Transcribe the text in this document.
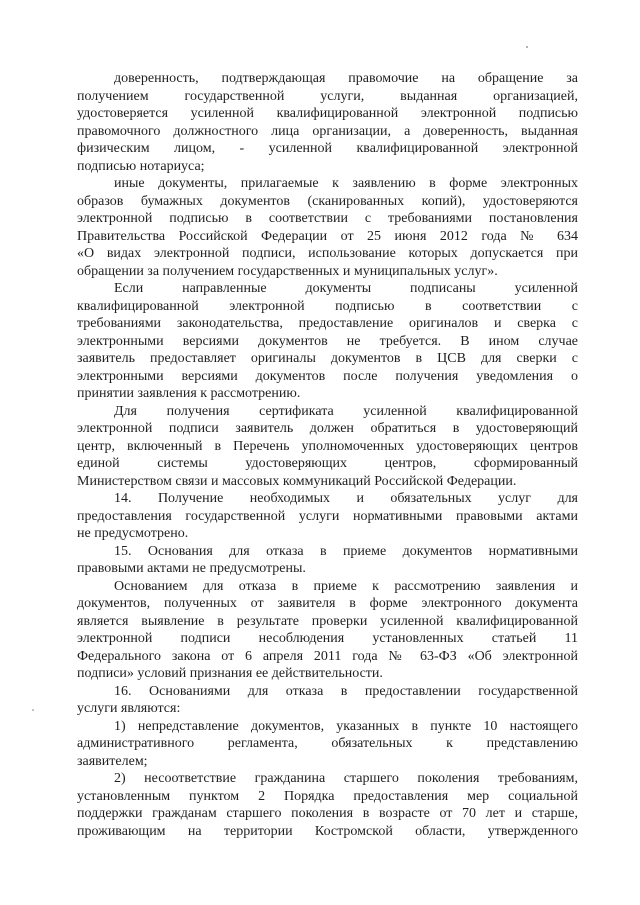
доверенность, подтверждающая правомочие на обращение за
получением государственной услуги, выданная организацией,
удостоверяется усиленной квалифицированной электронной подписью
правомочного должностного лица организации, а доверенность, выданная
физическим лицом, - усиленной квалифицированной электронной
подписью нотариуса;
иные документы, прилагаемые к заявлению в форме электронных
образов бумажных документов (сканированных копий), удостоверяются
электронной подписью в соответствии с требованиями постановления
Правительства Российской Федерации от 25 июня 2012 года № 634
«О видах электронной подписи, использование которых допускается при
обращении за получением государственных и муниципальных услуг».
Если направленные документы подписаны усиленной
квалифицированной электронной подписью в соответствии с
требованиями законодательства, предоставление оригиналов и сверка с
электронными версиями документов не требуется. В ином случае
заявитель предоставляет оригиналы документов в ЦСВ для сверки с
электронными версиями документов после получения уведомления о
принятии заявления к рассмотрению.
Для получения сертификата усиленной квалифицированной
электронной подписи заявитель должен обратиться в удостоверяющий
центр, включенный в Перечень уполномоченных удостоверяющих центров
единой системы удостоверяющих центров, сформированный
Министерством связи и массовых коммуникаций Российской Федерации.
14. Получение необходимых и обязательных услуг для
предоставления государственной услуги нормативными правовыми актами
не предусмотрено.
15. Основания для отказа в приеме документов нормативными
правовыми актами не предусмотрены.
Основанием для отказа в приеме к рассмотрению заявления и
документов, полученных от заявителя в форме электронного документа
является выявление в результате проверки усиленной квалифицированной
электронной подписи несоблюдения установленных статьей 11
Федерального закона от 6 апреля 2011 года № 63-ФЗ «Об электронной
подписи» условий признания ее действительности.
16. Основаниями для отказа в предоставлении государственной
услуги являются:
1) непредставление документов, указанных в пункте 10 настоящего
административного регламента, обязательных к представлению
заявителем;
2) несоответствие гражданина старшего поколения требованиям,
установленным пунктом 2 Порядка предоставления мер социальной
поддержки гражданам старшего поколения в возрасте от 70 лет и старше,
проживающим на территории Костромской области, утвержденного
